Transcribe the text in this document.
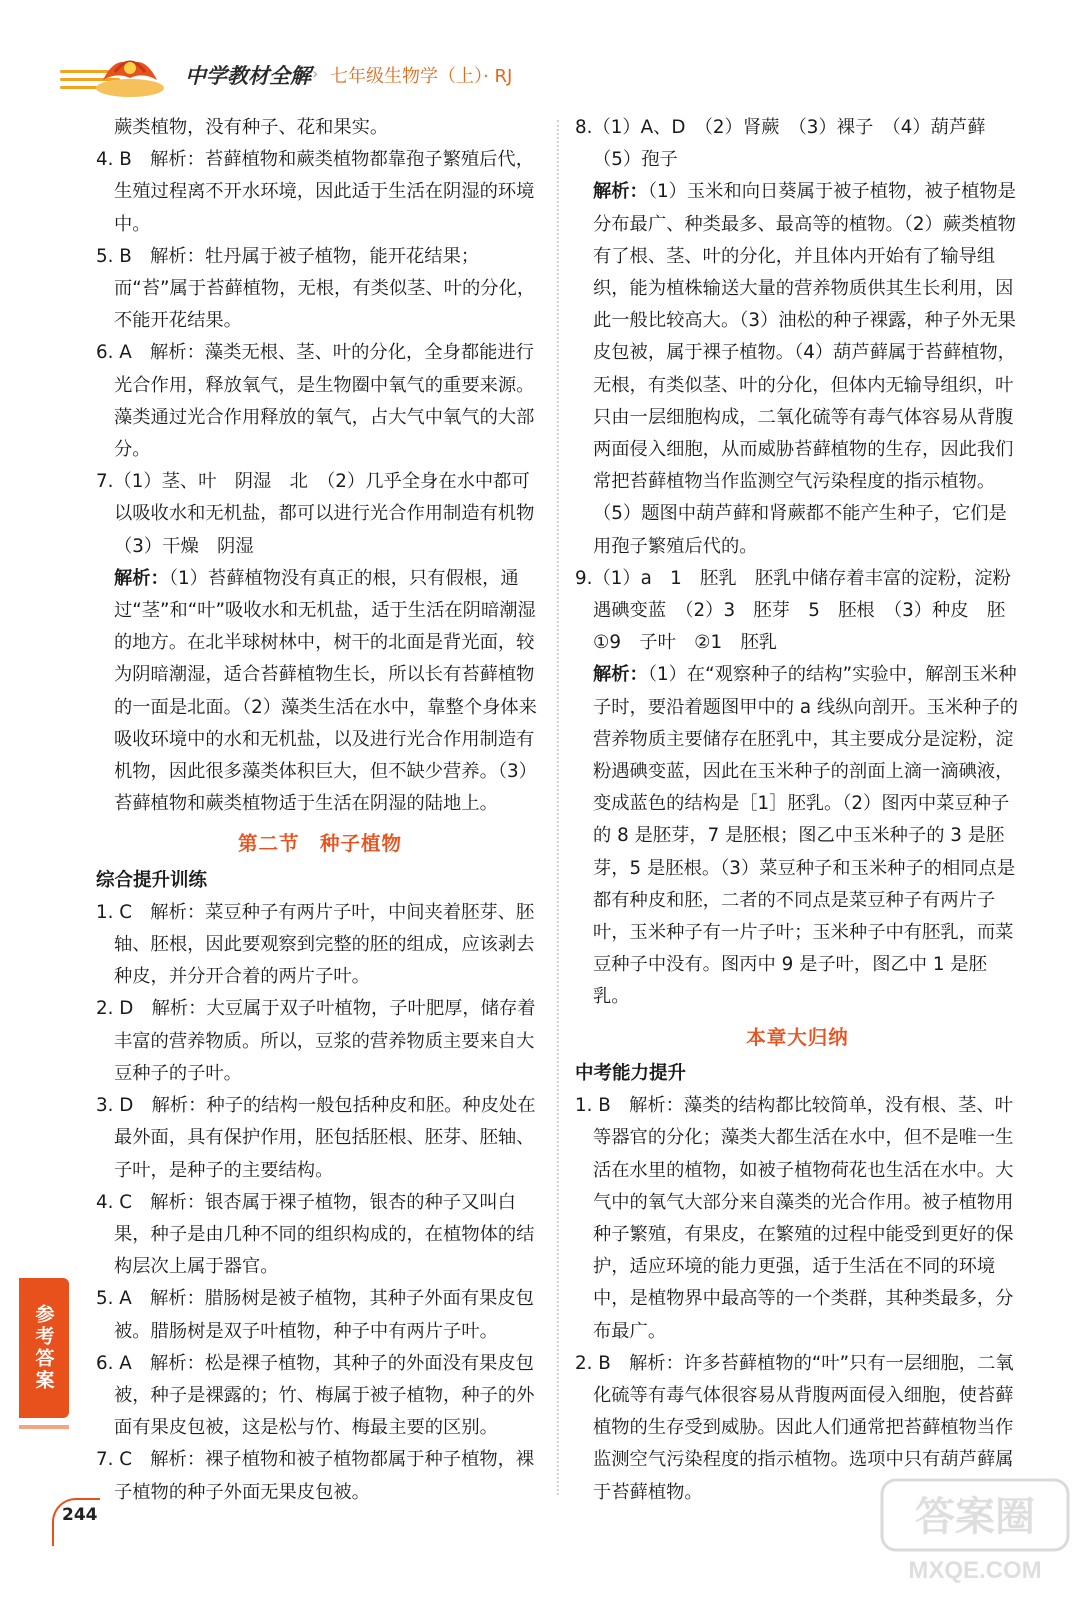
中学教材全解 › 七年级生物学（上）· RJ

蕨类植物，没有种子、花和果实。

4. B　解析：苔藓植物和蕨类植物都靠孢子繁殖后代，生殖过程离不开水环境，因此适于生活在阴湿的环境中。

5. B　解析：牡丹属于被子植物，能开花结果；而“苔”属于苔藓植物，无根，有类似茎、叶的分化，不能开花结果。

6. A　解析：藻类无根、茎、叶的分化，全身都能进行光合作用，释放氧气，是生物圈中氧气的重要来源。藻类通过光合作用释放的氧气，占大气中氧气的大部分。

7.（1）茎、叶　阴湿　北　（2）几乎全身在水中都可以吸收水和无机盐，都可以进行光合作用制造有机物　（3）干燥　阴湿

解析：（1）苔藓植物没有真正的根，只有假根，通过“茎”和“叶”吸收水和无机盐，适于生活在阴暗潮湿的地方。在北半球树林中，树干的北面是背光面，较为阴暗潮湿，适合苔藓植物生长，所以长有苔藓植物的一面是北面。（2）藻类生活在水中，靠整个身体来吸收环境中的水和无机盐，以及进行光合作用制造有机物，因此很多藻类体积巨大，但不缺少营养。（3）苔藓植物和蕨类植物适于生活在阴湿的陆地上。

第二节　种子植物

综合提升训练

1. C　解析：菜豆种子有两片子叶，中间夹着胚芽、胚轴、胚根，因此要观察到完整的胚的组成，应该剥去种皮，并分开合着的两片子叶。

2. D　解析：大豆属于双子叶植物，子叶肥厚，储存着丰富的营养物质。所以，豆浆的营养物质主要来自大豆种子的子叶。

3. D　解析：种子的结构一般包括种皮和胚。种皮处在最外面，具有保护作用，胚包括胚根、胚芽、胚轴、子叶，是种子的主要结构。

4. C　解析：银杏属于裸子植物，银杏的种子又叫白果，种子是由几种不同的组织构成的，在植物体的结构层次上属于器官。

5. A　解析：腊肠树是被子植物，其种子外面有果皮包被。腊肠树是双子叶植物，种子中有两片子叶。

6. A　解析：松是裸子植物，其种子的外面没有果皮包被，种子是裸露的；竹、梅属于被子植物，种子的外面有果皮包被，这是松与竹、梅最主要的区别。

7. C　解析：裸子植物和被子植物都属于种子植物，裸子植物的种子外面无果皮包被。

8.（1）A、D　（2）肾蕨　（3）裸子　（4）葫芦藓　（5）孢子

解析：（1）玉米和向日葵属于被子植物，被子植物是分布最广、种类最多、最高等的植物。（2）蕨类植物有了根、茎、叶的分化，并且体内开始有了输导组织，能为植株输送大量的营养物质供其生长利用，因此一般比较高大。（3）油松的种子裸露，种子外无果皮包被，属于裸子植物。（4）葫芦藓属于苔藓植物，无根，有类似茎、叶的分化，但体内无输导组织，叶只由一层细胞构成，二氧化硫等有毒气体容易从背腹两面侵入细胞，从而威胁苔藓植物的生存，因此我们常把苔藓植物当作监测空气污染程度的指示植物。（5）题图中葫芦藓和肾蕨都不能产生种子，它们是用孢子繁殖后代的。

9.（1）a　1　胚乳　胚乳中储存着丰富的淀粉，淀粉遇碘变蓝　（2）3　胚芽　5　胚根　（3）种皮　胚　①9　子叶　②1　胚乳

解析：（1）在“观察种子的结构”实验中，解剖玉米种子时，要沿着题图甲中的 a 线纵向剖开。玉米种子的营养物质主要储存在胚乳中，其主要成分是淀粉，淀粉遇碘变蓝，因此在玉米种子的剖面上滴一滴碘液，变成蓝色的结构是［1］胚乳。（2）图丙中菜豆种子的 8 是胚芽，7 是胚根；图乙中玉米种子的 3 是胚芽，5 是胚根。（3）菜豆种子和玉米种子的相同点是都有种皮和胚，二者的不同点是菜豆种子有两片子叶，玉米种子有一片子叶；玉米种子中有胚乳，而菜豆种子中没有。图丙中 9 是子叶，图乙中 1 是胚乳。

本章大归纳

中考能力提升

1. B　解析：藻类的结构都比较简单，没有根、茎、叶等器官的分化；藻类大都生活在水中，但不是唯一生活在水里的植物，如被子植物荷花也生活在水中。大气中的氧气大部分来自藻类的光合作用。被子植物用种子繁殖，有果皮，在繁殖的过程中能受到更好的保护，适应环境的能力更强，适于生活在不同的环境中，是植物界中最高等的一个类群，其种类最多，分布最广。

2. B　解析：许多苔藓植物的“叶”只有一层细胞，二氧化硫等有毒气体很容易从背腹两面侵入细胞，使苔藓植物的生存受到威胁。因此人们通常把苔藓植物当作监测空气污染程度的指示植物。选项中只有葫芦藓属于苔藓植物。

参考答案
244	答案圈
MXQE.COM
